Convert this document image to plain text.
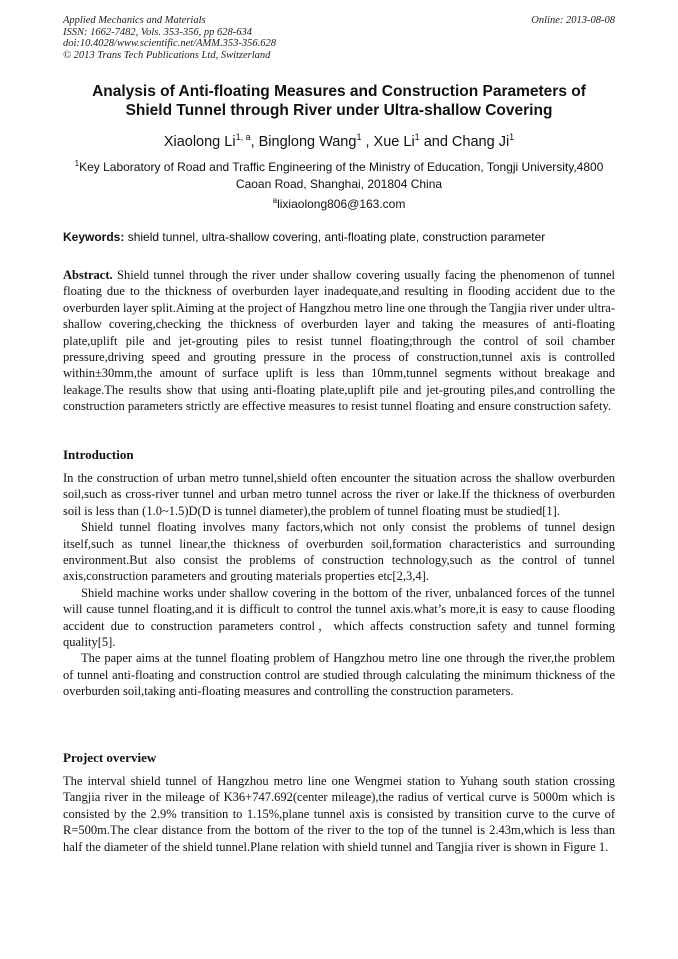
Applied Mechanics and Materials
ISSN: 1662-7482, Vols. 353-356, pp 628-634
doi:10.4028/www.scientific.net/AMM.353-356.628
© 2013 Trans Tech Publications Ltd, Switzerland
Online: 2013-08-08
Analysis of Anti-floating Measures and Construction Parameters of
Shield Tunnel through River under Ultra-shallow Covering
Xiaolong Li$^{1, a}$, Binglong Wang$^1$ , Xue Li$^1$ and Chang Ji$^1$
$^1$Key Laboratory of Road and Traffic Engineering of the Ministry of Education, Tongji University,4800
Caoan Road, Shanghai, 201804 China
$^a$lixiaolong806@163.com
Keywords: shield tunnel, ultra-shallow covering, anti-floating plate, construction parameter

Abstract. Shield tunnel through the river under shallow covering usually facing the phenomenon of tunnel floating due to the thickness of overburden layer inadequate,and resulting in flooding accident due to the overburden layer split.Aiming at the project of Hangzhou metro line one through the Tangjia river under ultra-shallow covering,checking the thickness of overburden layer and taking the measures of anti-floating plate,uplift pile and jet-grouting piles to resist tunnel floating;through the control of soil chamber pressure,driving speed and grouting pressure in the process of construction,tunnel axis is controlled within±30mm,the amount of surface uplift is less than 10mm,tunnel segments without breakage and leakage.The results show that using anti-floating plate,uplift pile and jet-grouting piles,and controlling the construction parameters strictly are effective measures to resist tunnel floating and ensure construction safety.

Introduction

In the construction of urban metro tunnel,shield often encounter the situation across the shallow overburden soil,such as cross-river tunnel and urban metro tunnel across the river or lake.If the thickness of overburden soil is less than (1.0~1.5)D(D is tunnel diameter),the problem of tunnel floating must be studied[1].

Shield tunnel floating involves many factors,which not only consist the problems of tunnel design itself,such as tunnel linear,the thickness of overburden soil,formation characteristics and surrounding environment.But also consist the problems of construction technology,such as the control of tunnel axis,construction parameters and grouting materials properties etc[2,3,4].

Shield machine works under shallow covering in the bottom of the river, unbalanced forces of the tunnel will cause tunnel floating,and it is difficult to control the tunnel axis.what’s more,it is easy to cause flooding accident due to construction parameters control，which affects construction safety and tunnel forming quality[5].

The paper aims at the tunnel floating problem of Hangzhou metro line one through the river,the problem of tunnel anti-floating and construction control are studied through calculating the minimum thickness of the overburden soil,taking anti-floating measures and controlling the construction parameters.

Project overview

The interval shield tunnel of Hangzhou metro line one Wengmei station to Yuhang south station crossing Tangjia river in the mileage of K36+747.692(center mileage),the radius of vertical curve is 5000m which is consisted by the 2.9% transition to 1.15%,plane tunnel axis is consisted by transition curve to the curve of R=500m.The clear distance from the bottom of the river to the top of the tunnel is 2.43m,which is less than half the diameter of the shield tunnel.Plane relation with shield tunnel and Tangjia river is shown in Figure 1.
